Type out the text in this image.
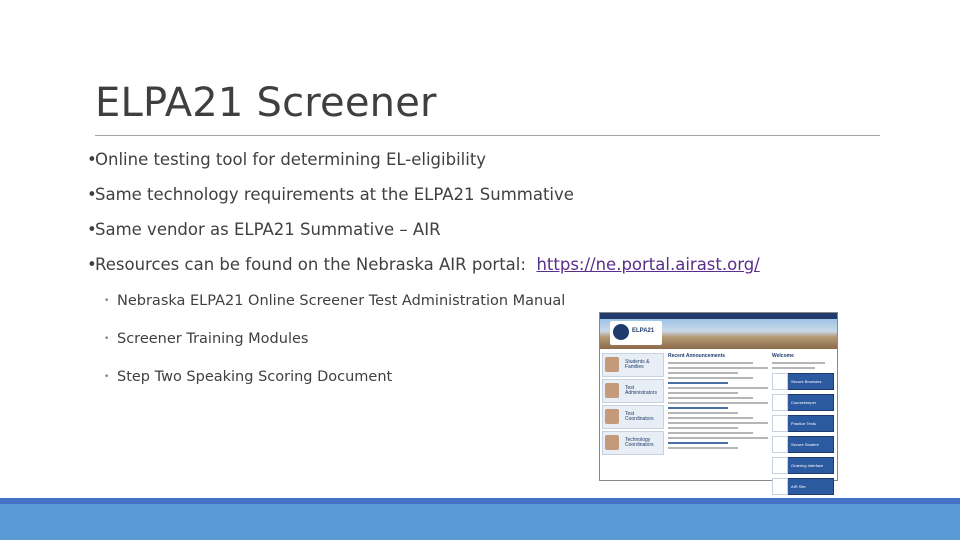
ELPA21 Screener
•Online testing tool for determining EL-eligibility
•Same technology requirements at the ELPA21 Summative
•Same vendor as ELPA21 Summative – AIR
•Resources can be found on the Nebraska AIR portal: https://ne.portal.airast.org/
• Nebraska ELPA21 Online Screener Test Administration Manual
• Screener Training Modules
• Step Two Speaking Scoring Document
ELPA21
Students & Families
Test Administrators
Test Coordinators
Technology Coordinators
Recent Announcements	Welcome
Secure Browsers
Coursekeeper
Practice Tests
Secure Student
Ordering Interface
AIR Site
